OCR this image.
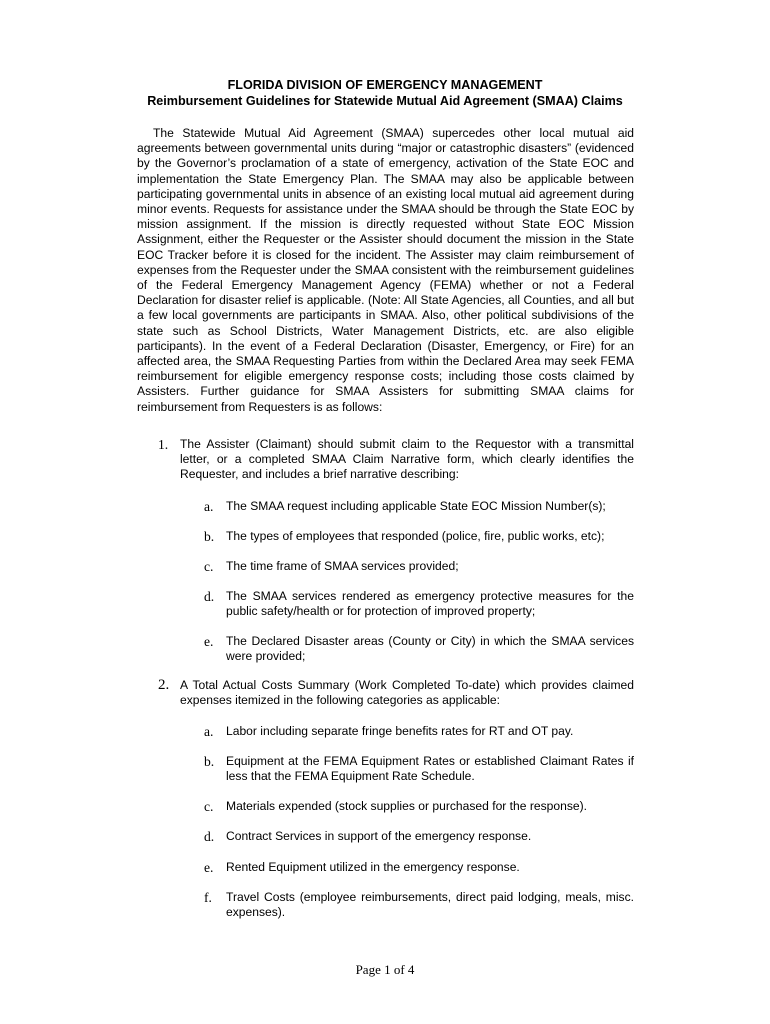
FLORIDA DIVISION OF EMERGENCY MANAGEMENT
Reimbursement Guidelines for Statewide Mutual Aid Agreement (SMAA) Claims

The Statewide Mutual Aid Agreement (SMAA) supercedes other local mutual aid agreements between governmental units during “major or catastrophic disasters” (evidenced by the Governor’s proclamation of a state of emergency, activation of the State EOC and implementation the State Emergency Plan. The SMAA may also be applicable between participating governmental units in absence of an existing local mutual aid agreement during minor events. Requests for assistance under the SMAA should be through the State EOC by mission assignment. If the mission is directly requested without State EOC Mission Assignment, either the Requester or the Assister should document the mission in the State EOC Tracker before it is closed for the incident. The Assister may claim reimbursement of expenses from the Requester under the SMAA consistent with the reimbursement guidelines of the Federal Emergency Management Agency (FEMA) whether or not a Federal Declaration for disaster relief is applicable. (Note: All State Agencies, all Counties, and all but a few local governments are participants in SMAA. Also, other political subdivisions of the state such as School Districts, Water Management Districts, etc. are also eligible participants). In the event of a Federal Declaration (Disaster, Emergency, or Fire) for an affected area, the SMAA Requesting Parties from within the Declared Area may seek FEMA reimbursement for eligible emergency response costs; including those costs claimed by Assisters. Further guidance for SMAA Assisters for submitting SMAA claims for reimbursement from Requesters is as follows:

1. The Assister (Claimant) should submit claim to the Requestor with a transmittal letter, or a completed SMAA Claim Narrative form, which clearly identifies the Requester, and includes a brief narrative describing:

a. The SMAA request including applicable State EOC Mission Number(s);

b. The types of employees that responded (police, fire, public works, etc);

c. The time frame of SMAA services provided;

d. The SMAA services rendered as emergency protective measures for the public safety/health or for protection of improved property;

e. The Declared Disaster areas (County or City) in which the SMAA services were provided;

2. A Total Actual Costs Summary (Work Completed To-date) which provides claimed expenses itemized in the following categories as applicable:

a. Labor including separate fringe benefits rates for RT and OT pay.

b. Equipment at the FEMA Equipment Rates or established Claimant Rates if less that the FEMA Equipment Rate Schedule.

c. Materials expended (stock supplies or purchased for the response).

d. Contract Services in support of the emergency response.

e. Rented Equipment utilized in the emergency response.

f. Travel Costs (employee reimbursements, direct paid lodging, meals, misc. expenses).

Page 1 of 4
